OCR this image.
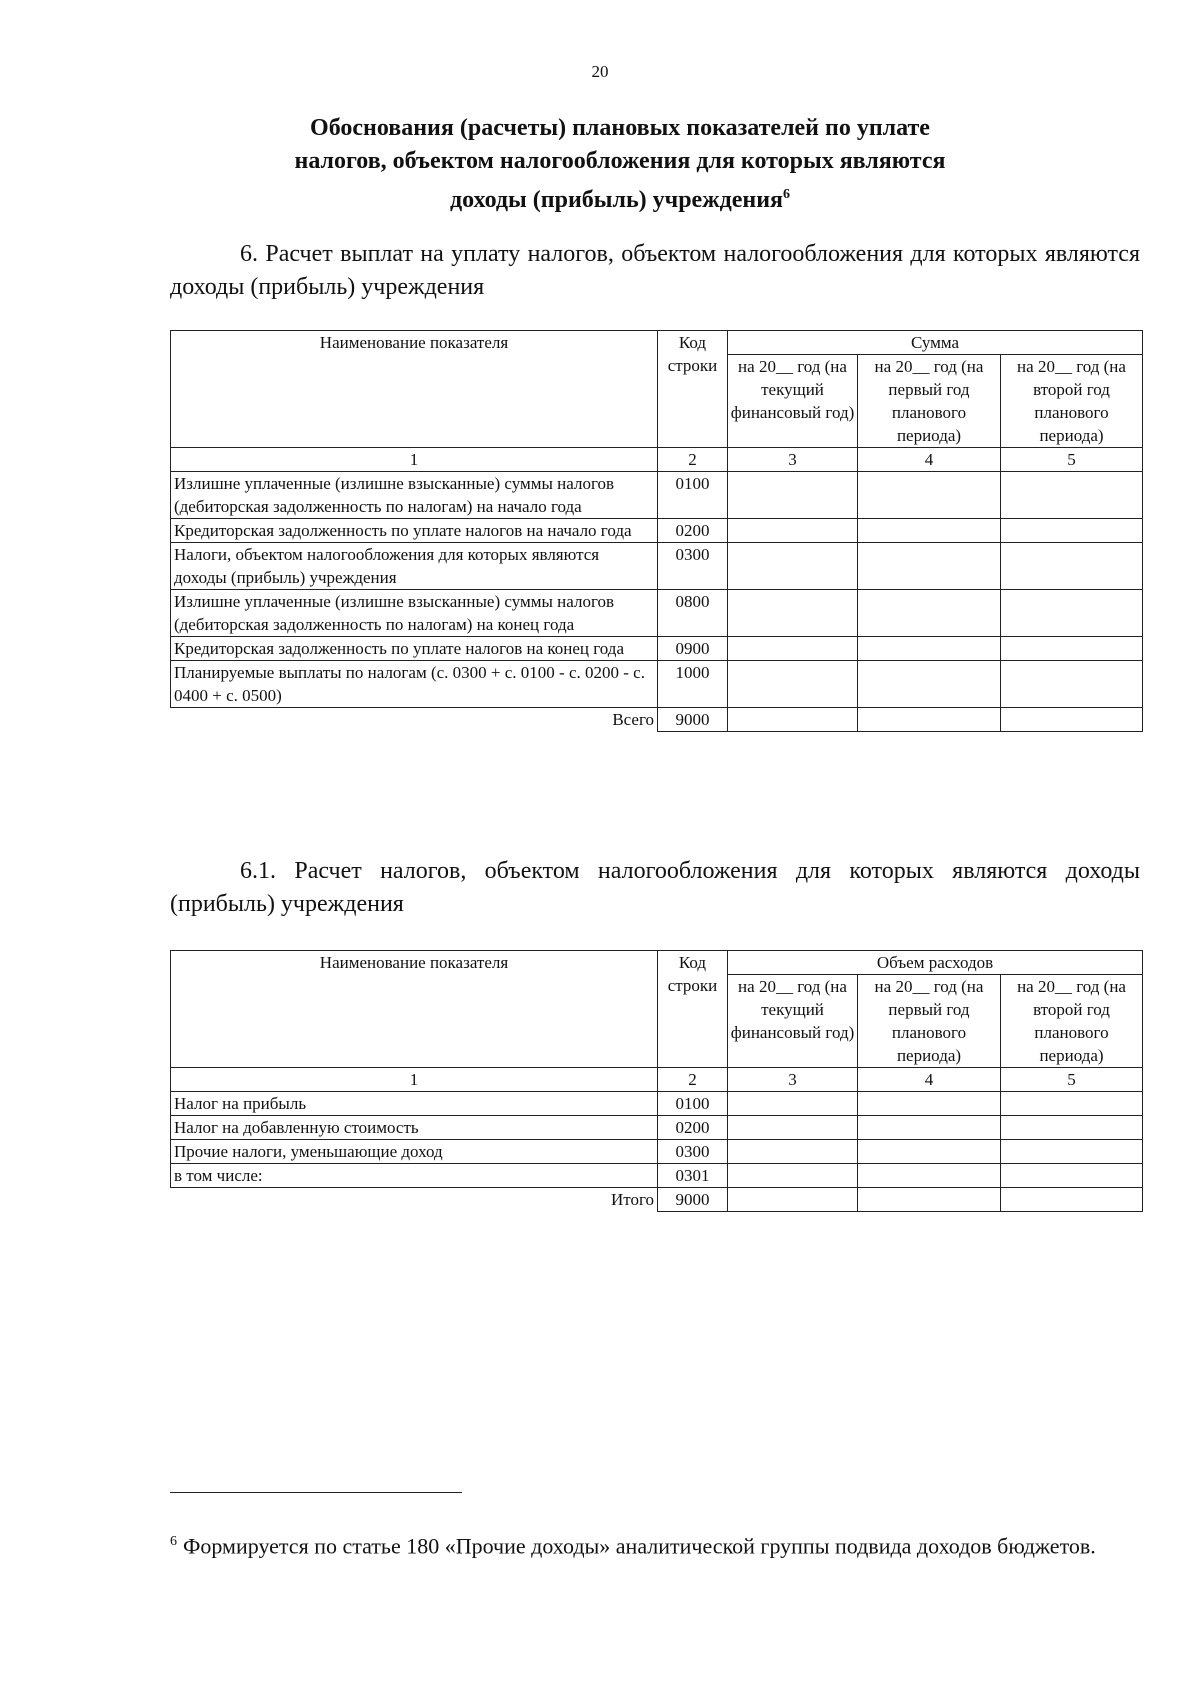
20
Обоснования (расчеты) плановых показателей по уплате
налогов, объектом налогообложения для которых являются
доходы (прибыль) учреждения$^6$
6. Расчет выплат на уплату налогов, объектом налогообложения для которых являются доходы (прибыль) учреждения
Наименование показателя	Код строки	Сумма		
		на 20__ год (на текущий финансовый год)	на 20__ год (на первый год планового периода)	на 20__ год (на второй год планового периода)
1	2	3	4	5
Излишне уплаченные (излишне взысканные) суммы налогов (дебиторская задолженность по налогам) на начало года	0100			
Кредиторская задолженность по уплате налогов на начало года	0200			
Налоги, объектом налогообложения для которых являются доходы (прибыль) учреждения	0300			
Излишне уплаченные (излишне взысканные) суммы налогов (дебиторская задолженность по налогам) на конец года	0800			
Кредиторская задолженность по уплате налогов на конец года	0900			
Планируемые выплаты по налогам (с. 0300 + с. 0100 - с. 0200 - с. 0400 + с. 0500)	1000			
Всего	9000			
6.1. Расчет налогов, объектом налогообложения для которых являются доходы (прибыль) учреждения
Наименование показателя	Код строки	Объем расходов		
		на 20__ год (на текущий финансовый год)	на 20__ год (на первый год планового периода)	на 20__ год (на второй год планового периода)
1	2	3	4	5
Налог на прибыль	0100			
Налог на добавленную стоимость	0200			
Прочие налоги, уменьшающие доход	0300			
в том числе:	0301			
Итого	9000			
$^6$ Формируется по статье 180 «Прочие доходы» аналитической группы подвида доходов бюджетов.
